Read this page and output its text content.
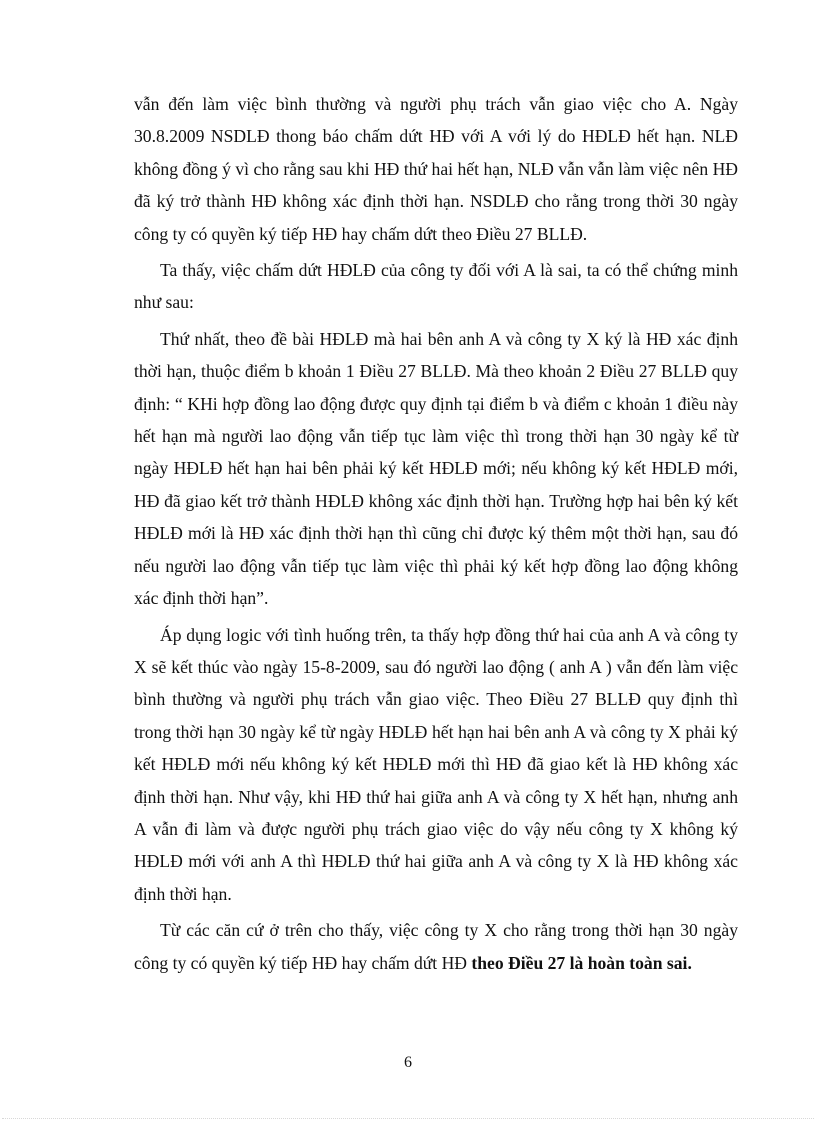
vẫn đến làm việc bình thường và người phụ trách vẫn giao việc cho A. Ngày 30.8.2009 NSDLĐ thong báo chấm dứt HĐ với A với lý do HĐLĐ hết hạn. NLĐ không đồng ý vì cho rằng sau khi HĐ thứ hai hết hạn, NLĐ vẫn vẫn làm việc nên HĐ đã ký trở thành HĐ không xác định thời hạn. NSDLĐ cho rằng trong thời 30 ngày công ty có quyền ký tiếp HĐ hay chấm dứt theo Điều 27 BLLĐ.

Ta thấy, việc chấm dứt HĐLĐ của công ty đối với A là sai, ta có thể chứng minh như sau:

Thứ nhất, theo đề bài HĐLĐ mà hai bên anh A và công ty X ký là HĐ xác định thời hạn, thuộc điểm b khoản 1 Điều 27 BLLĐ. Mà theo khoản 2 Điều 27 BLLĐ quy định: “ KHi hợp đồng lao động được quy định tại điểm b và điểm c khoản 1 điều này hết hạn mà người lao động vẫn tiếp tục làm việc thì trong thời hạn 30 ngày kể từ ngày HĐLĐ hết hạn hai bên phải ký kết HĐLĐ mới; nếu không ký kết HĐLĐ mới, HĐ đã giao kết trở thành HĐLĐ không xác định thời hạn. Trường hợp hai bên ký kết HĐLĐ mới là HĐ xác định thời hạn thì cũng chỉ được ký thêm một thời hạn, sau đó nếu người lao động vẫn tiếp tục làm việc thì phải ký kết hợp đồng lao động không xác định thời hạn”.

Áp dụng logic với tình huống trên, ta thấy hợp đồng thứ hai của anh A và công ty X sẽ kết thúc vào ngày 15-8-2009, sau đó người lao động ( anh A ) vẫn đến làm việc bình thường và người phụ trách vẫn giao việc. Theo Điều 27 BLLĐ quy định thì trong thời hạn 30 ngày kể từ ngày HĐLĐ hết hạn hai bên anh A và công ty X phải ký kết HĐLĐ mới nếu không ký kết HĐLĐ mới thì HĐ đã giao kết là HĐ không xác định thời hạn. Như vậy, khi HĐ thứ hai giữa anh A và công ty X hết hạn, nhưng anh A vẫn đi làm và được người phụ trách giao việc do vậy nếu công ty X không ký HĐLĐ mới với anh A thì HĐLĐ thứ hai giữa anh A và công ty X là HĐ không xác định thời hạn.

Từ các căn cứ ở trên cho thấy, việc công ty X cho rằng trong thời hạn 30 ngày công ty có quyền ký tiếp HĐ hay chấm dứt HĐ theo Điều 27 là hoàn toàn sai.

6
